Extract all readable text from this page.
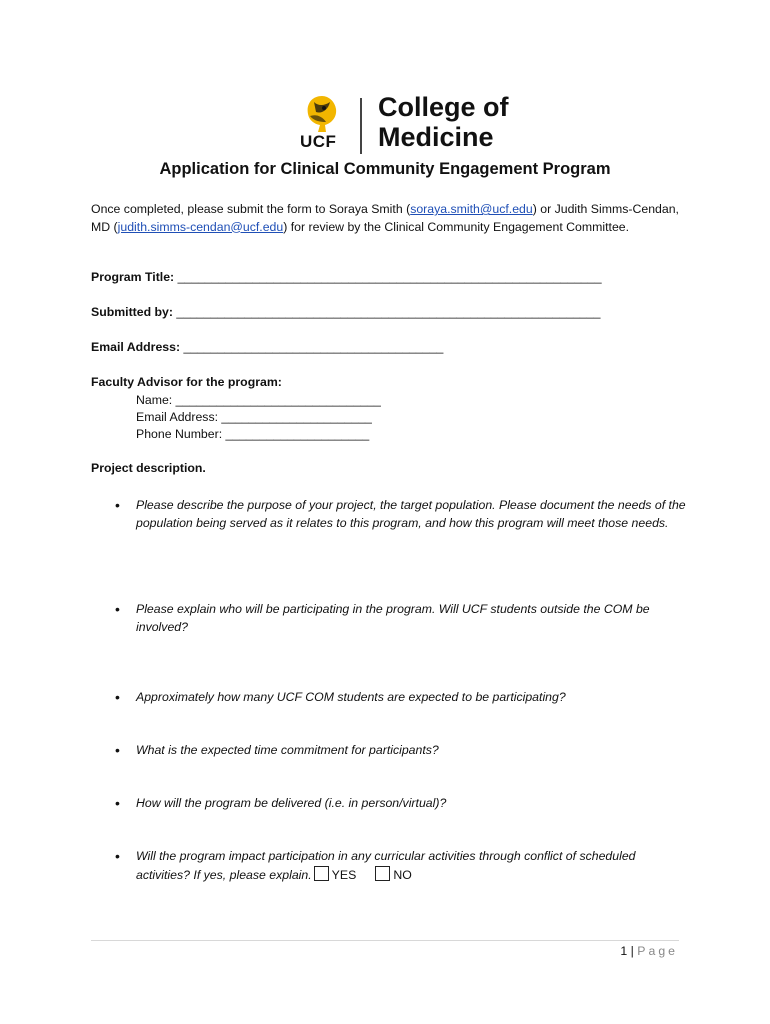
UCF
College of
Medicine
Application for Clinical Community Engagement Program
Once completed, please submit the form to Soraya Smith (soraya.smith@ucf.edu) or Judith Simms-Cendan, MD (judith.simms-cendan@ucf.edu) for review by the Clinical Community Engagement Committee.
Program Title: ______________________________________________________________
Submitted by: ______________________________________________________________
Email Address: ______________________________________
Faculty Advisor for the program:
Name: ______________________________
Email Address: ______________________
Phone Number: _____________________
Project description.
• Please describe the purpose of your project, the target population. Please document the needs of the population being served as it relates to this program, and how this program will meet those needs.
• Please explain who will be participating in the program. Will UCF students outside the COM be involved?
• Approximately how many UCF COM students are expected to be participating?
• What is the expected time commitment for participants?
• How will the program be delivered (i.e. in person/virtual)?
• Will the program impact participation in any curricular activities through conflict of scheduled activities? If yes, please explain. YES	NO
1 | Page
